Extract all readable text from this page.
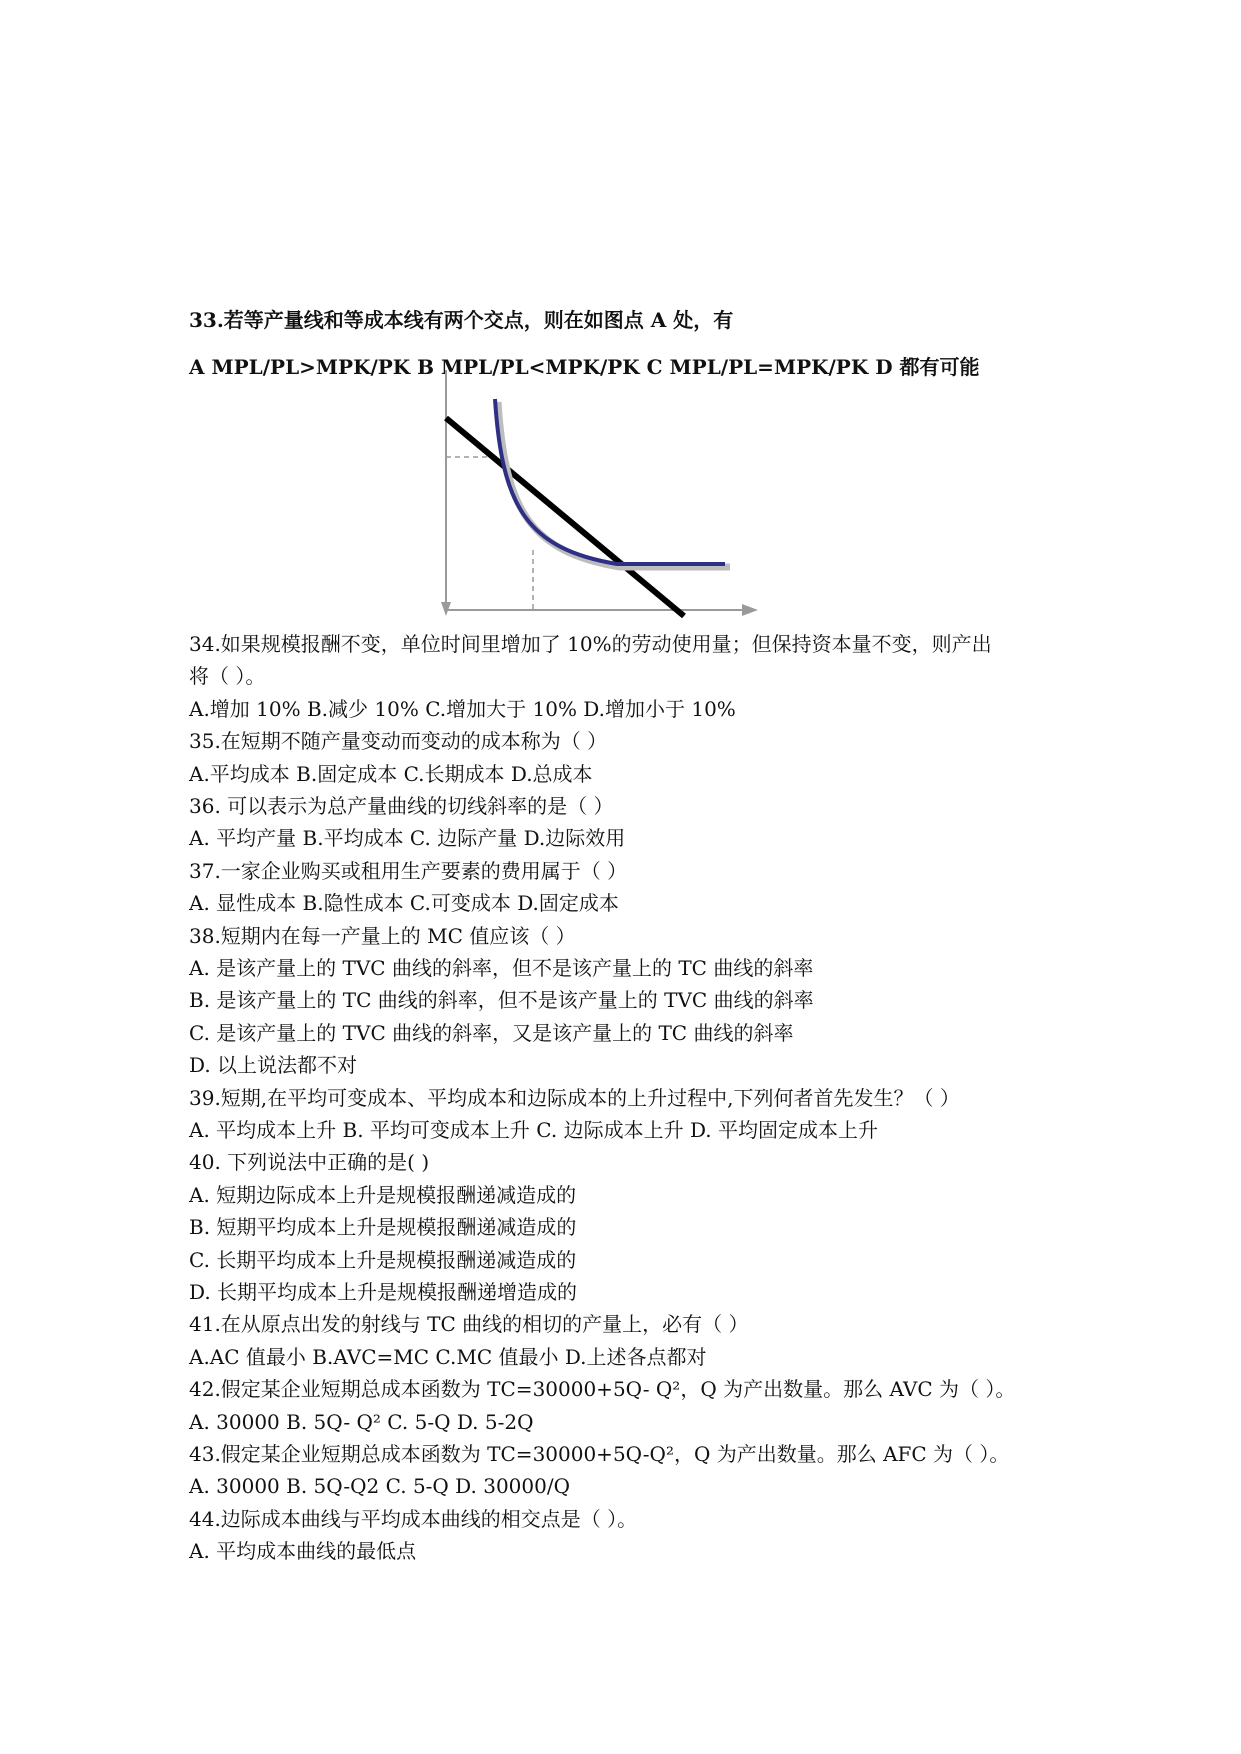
33.若等产量线和等成本线有两个交点，则在如图点 A 处，有
A MPL/PL>MPK/PK B MPL/PL<MPK/PK C MPL/PL=MPK/PK D 都有可能
34.如果规模报酬不变，单位时间里增加了 10%的劳动使用量；但保持资本量不变，则产出
将（ ）。
A.增加 10% B.减少 10% C.增加大于 10% D.增加小于 10%
35.在短期不随产量变动而变动的成本称为（ ）
A.平均成本 B.固定成本 C.长期成本 D.总成本
36. 可以表示为总产量曲线的切线斜率的是（ ）
A. 平均产量 B.平均成本 C. 边际产量 D.边际效用
37.一家企业购买或租用生产要素的费用属于（ ）
A. 显性成本 B.隐性成本 C.可变成本 D.固定成本
38.短期内在每一产量上的 MC 值应该（ ）
A. 是该产量上的 TVC 曲线的斜率，但不是该产量上的 TC 曲线的斜率
B. 是该产量上的 TC 曲线的斜率，但不是该产量上的 TVC 曲线的斜率
C. 是该产量上的 TVC 曲线的斜率，又是该产量上的 TC 曲线的斜率
D. 以上说法都不对
39.短期,在平均可变成本、平均成本和边际成本的上升过程中,下列何者首先发生？（ ）
A. 平均成本上升 B. 平均可变成本上升 C. 边际成本上升 D. 平均固定成本上升
40. 下列说法中正确的是( )
A. 短期边际成本上升是规模报酬递减造成的
B. 短期平均成本上升是规模报酬递减造成的
C. 长期平均成本上升是规模报酬递减造成的
D. 长期平均成本上升是规模报酬递增造成的
41.在从原点出发的射线与 TC 曲线的相切的产量上，必有（ ）
A.AC 值最小 B.AVC=MC C.MC 值最小 D.上述各点都对
42.假定某企业短期总成本函数为 TC=30000+5Q- Q²，Q 为产出数量。那么 AVC 为（ ）。
A. 30000 B. 5Q- Q² C. 5-Q D. 5-2Q
43.假定某企业短期总成本函数为 TC=30000+5Q-Q²，Q 为产出数量。那么 AFC 为（ ）。
A. 30000 B. 5Q-Q2 C. 5-Q D. 30000/Q
44.边际成本曲线与平均成本曲线的相交点是（ ）。
A. 平均成本曲线的最低点
